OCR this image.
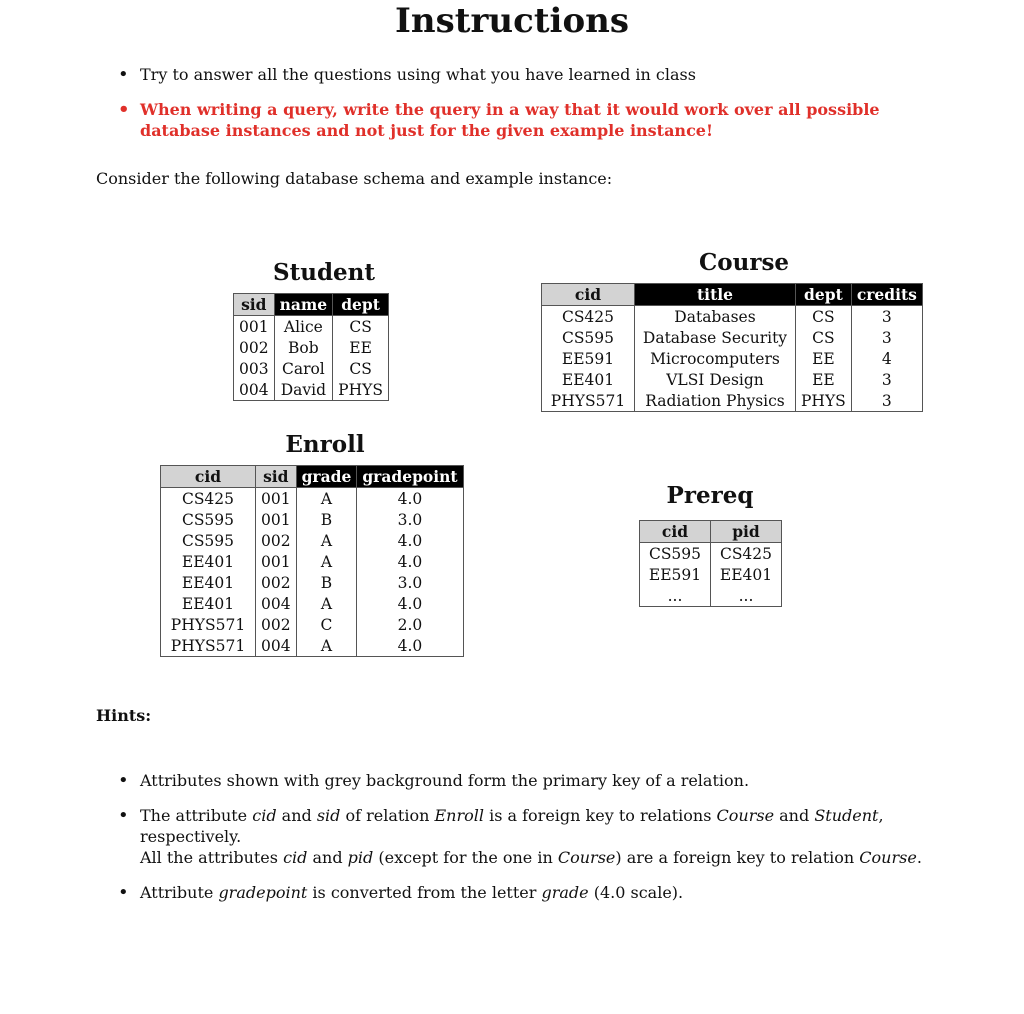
Instructions
• Try to answer all the questions using what you have learned in class
• When writing a query, write the query in a way that it would work over all possible database instances and not just for the given example instance!
Consider the following database schema and example instance:
Student
sid	name	dept
001	Alice	CS
002	Bob	EE
003	Carol	CS
004	David	PHYS
Course
cid	title	dept	credits
CS425	Databases	CS	3
CS595	Database Security	CS	3
EE591	Microcomputers	EE	4
EE401	VLSI Design	EE	3
PHYS571	Radiation Physics	PHYS	3
Enroll
cid	sid	grade	gradepoint
CS425	001	A	4.0
CS595	001	B	3.0
CS595	002	A	4.0
EE401	001	A	4.0
EE401	002	B	3.0
EE401	004	A	4.0
PHYS571	002	C	2.0
PHYS571	004	A	4.0
Prereq
cid	pid
CS595	CS425
EE591	EE401
...	...
Hints:
• Attributes shown with grey background form the primary key of a relation.
• The attribute cid and sid of relation Enroll is a foreign key to relations Course and Student, respectively.
All the attributes cid and pid (except for the one in Course) are a foreign key to relation Course.
• Attribute gradepoint is converted from the letter grade (4.0 scale).
